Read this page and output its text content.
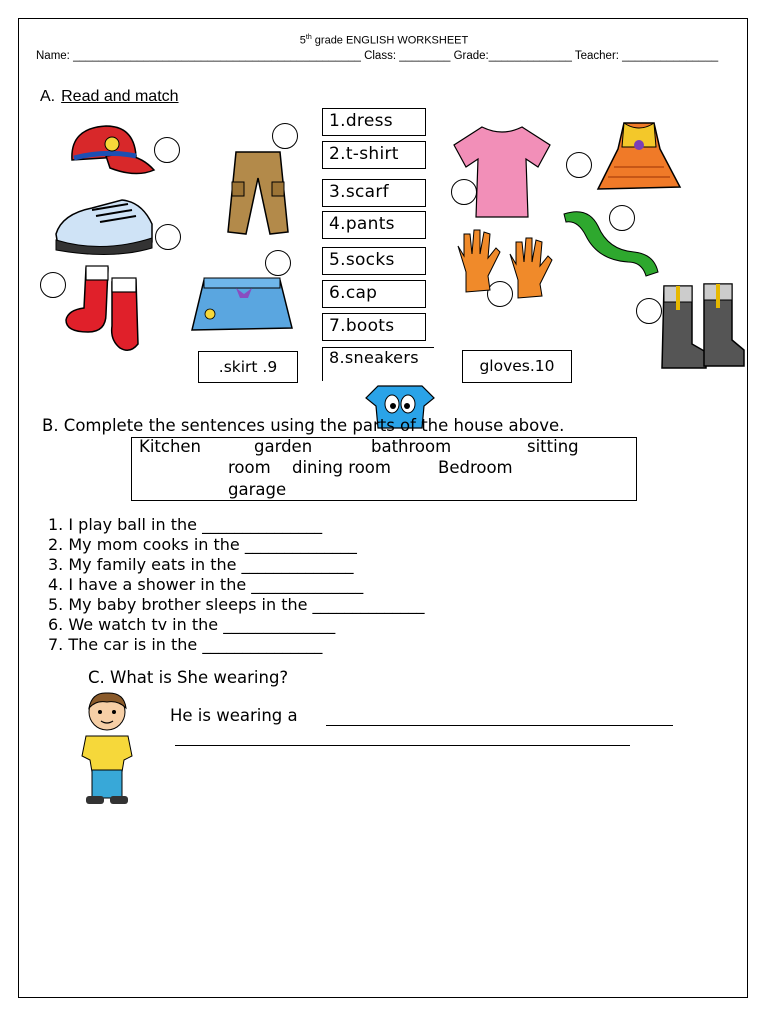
5th grade ENGLISH WORKSHEET
Name: _____________________________________________ Class: ________ Grade:_____________ Teacher: _______________
A. Read and match
1.dress
2.t-shirt
3.scarf
4.pants
5.socks
6.cap
7.boots
8.sneakers
.skirt .9	gloves.10
B. Complete the sentences using the parts of the house above.
Kitchen	garden	bathroom	sitting
room dining room	Bedroom
garage
1. I play ball in the _______________
2. My mom cooks in the ______________
3. My family eats in the ______________
4. I have a shower in the ______________
5. My baby brother sleeps in the ______________
6. We watch tv in the ______________
7. The car is in the _______________
C. What is She wearing?
He is wearing a
